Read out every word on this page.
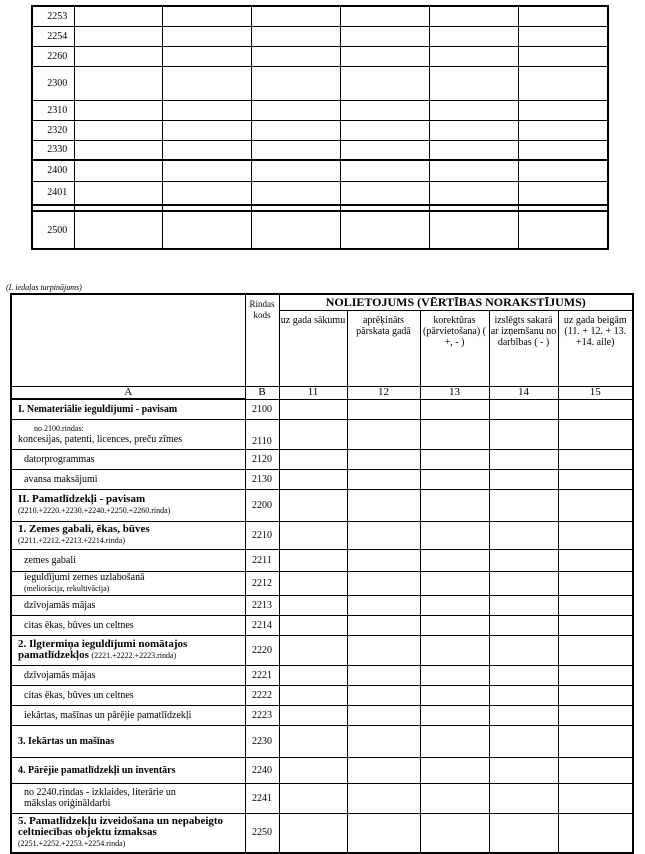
2253						
2254						
2260						
2300						
2310						
2320						
2330						
2400						
2401						

2500						
(I. iedaļas turpinājums)
	Rindas kods	NOLIETOJUMS (VĒRTĪBAS NORAKSTĪJUMS)				
		uz gada sākumu	aprēķināts pārskata gadā	korektūras (pārvietošana) ( +, - )	izslēgts sakarā ar izņemšanu no darbības ( - )	uz gada beigām (11. + 12. + 13. +14. aile)
A	B	11	12	13	14	15
I. Nemateriālie ieguldījumi - pavisam	2100					

no 2100.rindas:
koncesijas, patenti, licences, preču zīmes	2110					
datorprogrammas	2120					
avansa maksājumi	2130					

II. Pamatlīdzekļi - pavisam
(2210.+2220.+2230.+2240.+2250.+2260.rinda)	2200					

1. Zemes gabali, ēkas, būves
(2211.+2212.+2213.+2214.rinda)	2210					
zemes gabali	2211					

ieguldījumi zemes uzlabošanā
(meliorācija, rekultivācija)	2212					
dzīvojamās mājas	2213					
citas ēkas, būves un celtnes	2214					

2. Ilgtermiņa ieguldījumi nomātajos
pamatlīdzekļos (2221.+2222.+2223.rinda)	2220					
dzīvojamās mājas	2221					
citas ēkas, būves un celtnes	2222					
iekārtas, mašīnas un pārējie pamatlīdzekļi	2223					
3. Iekārtas un mašīnas	2230					
4. Pārējie pamatlīdzekļi un inventārs	2240					
no 2240.rindas - izklaides, literārie un mākslas oriģināldarbi	2241					

5. Pamatlīdzekļu izveidošana un nepabeigto celtniecības objektu izmaksas
(2251.+2252.+2253.+2254.rinda)	2250					
